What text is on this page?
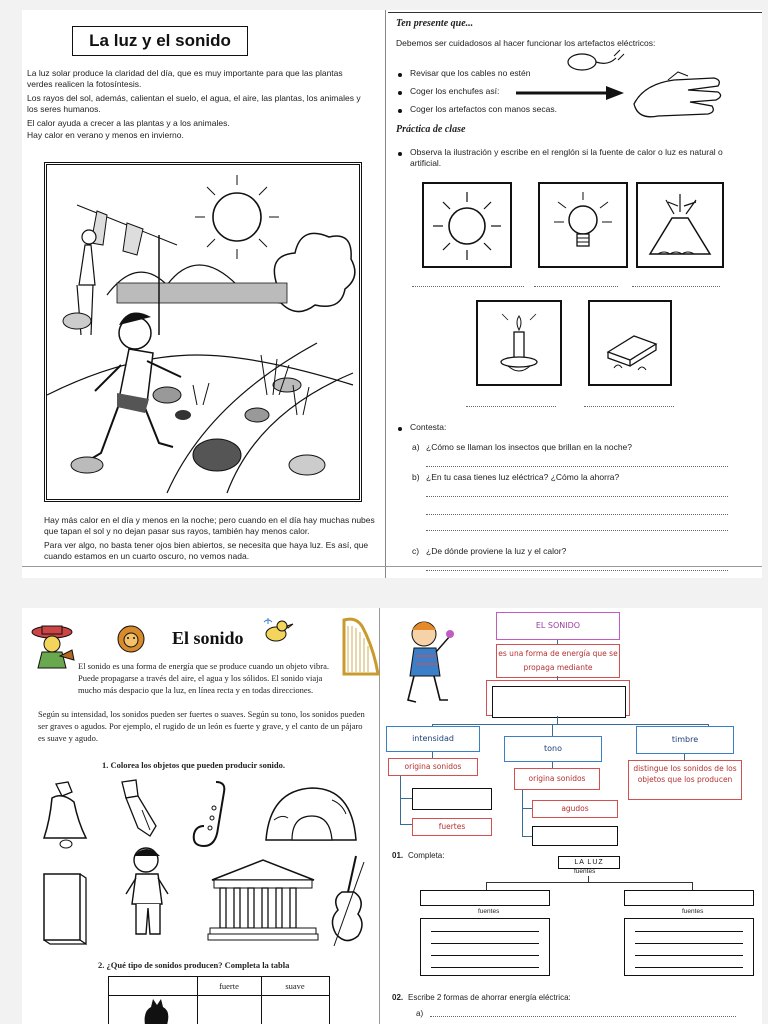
La luz y el sonido
La luz solar produce la claridad del día, que es muy importante para que las plantas verdes realicen la fotosíntesis.
Los rayos del sol, además, calientan el suelo, el agua, el aire, las plantas, los animales y los seres humanos.
El calor ayuda a crecer a las plantas y a los animales.
Hay calor en verano y menos en invierno.
Hay más calor en el día y menos en la noche; pero cuando en el día hay muchas nubes que tapan el sol y no dejan pasar sus rayos, también hay menos calor.
Para ver algo, no basta tener ojos bien abiertos, se necesita que haya luz. Es así, que cuando estamos en un cuarto oscuro, no vemos nada.
Ten presente que...
Debemos ser cuidadosos al hacer funcionar los artefactos eléctricos:
Revisar que los cables no estén
Coger los enchufes así:
Coger los artefactos con manos secas.
Práctica de clase
Observa la ilustración y escribe en el renglón si la fuente de calor o luz es natural o artificial.
Contesta:
a) ¿Cómo se llaman los insectos que brillan en la noche?
b) ¿En tu casa tienes luz eléctrica? ¿Cómo la ahorra?
c) ¿De dónde proviene la luz y el calor?
El sonido
El sonido es una forma de energía que se produce cuando un objeto vibra. Puede propagarse a través del aire, el agua y los sólidos. El sonido viaja mucho más despacio que la luz, en línea recta y en todas direcciones.
Según su intensidad, los sonidos pueden ser fuertes o suaves. Según su tono, los sonidos pueden ser graves o agudos. Por ejemplo, el rugido de un león es fuerte y grave, y el canto de un pájaro es suave y agudo.
1. Colorea los objetos que pueden producir sonido.
2. ¿Qué tipo de sonidos producen? Completa la tabla
fuerte	suave
EL SONIDO
es una forma de energía que se propaga mediante
intensidad
tono
timbre
origina sonidos
fuertes
origina sonidos
agudos
distingue los sonidos de los objetos que los producen
01. Completa:
LA LUZ
fuentes
fuentes	fuentes
02. Escribe 2 formas de ahorrar energía eléctrica:
a)
